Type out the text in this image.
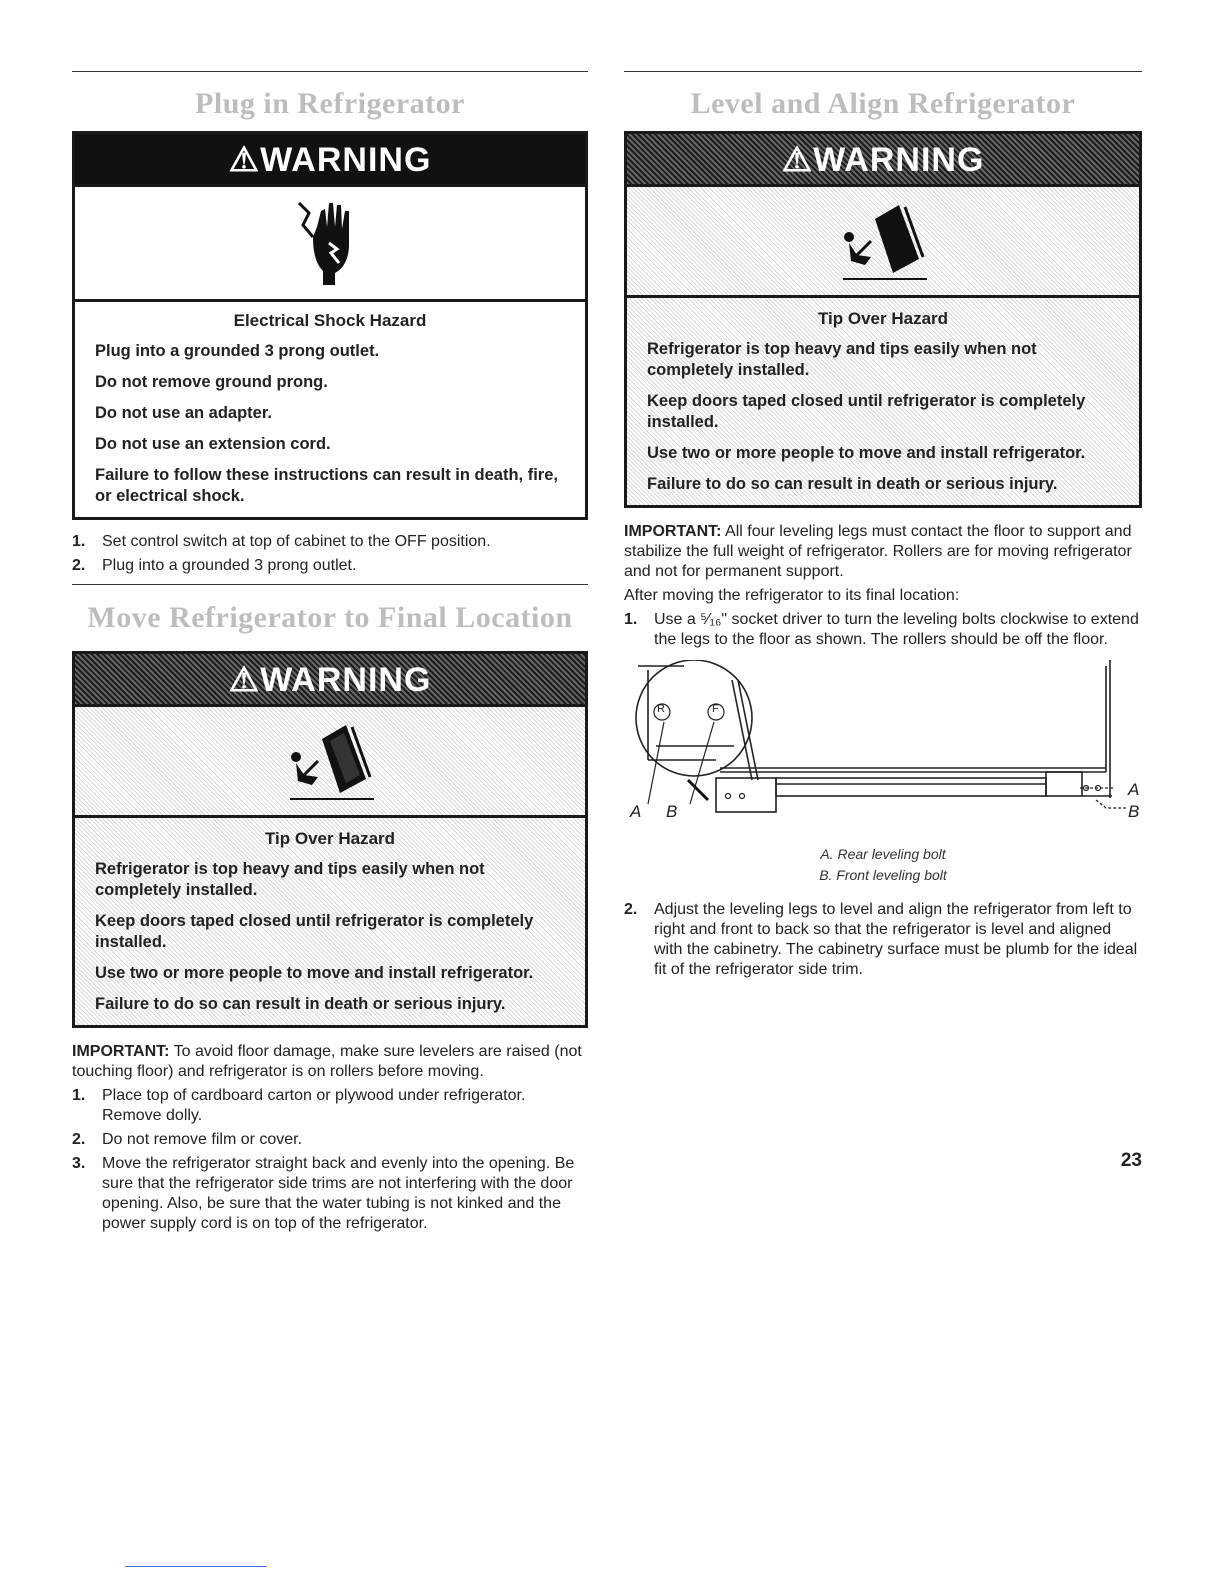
Plug in Refrigerator
⚠WARNING

Electrical Shock Hazard

Plug into a grounded 3 prong outlet.

Do not remove ground prong.

Do not use an adapter.

Do not use an extension cord.

Failure to follow these instructions can result in death, fire, or electrical shock.

1. Set control switch at top of cabinet to the OFF position.
2. Plug into a grounded 3 prong outlet.
Move Refrigerator to Final Location
⚠WARNING

Tip Over Hazard

Refrigerator is top heavy and tips easily when not completely installed.

Keep doors taped closed until refrigerator is completely installed.

Use two or more people to move and install refrigerator.

Failure to do so can result in death or serious injury.

IMPORTANT: To avoid floor damage, make sure levelers are raised (not touching floor) and refrigerator is on rollers before moving.

1. Place top of cardboard carton or plywood under refrigerator. Remove dolly.
2. Do not remove film or cover.
3. Move the refrigerator straight back and evenly into the opening. Be sure that the refrigerator side trims are not interfering with the door opening. Also, be sure that the water tubing is not kinked and the power supply cord is on top of the refrigerator.
Level and Align Refrigerator
⚠WARNING

Tip Over Hazard

Refrigerator is top heavy and tips easily when not completely installed.

Keep doors taped closed until refrigerator is completely installed.

Use two or more people to move and install refrigerator.

Failure to do so can result in death or serious injury.

IMPORTANT: All four leveling legs must contact the floor to support and stabilize the full weight of refrigerator. Rollers are for moving refrigerator and not for permanent support.

After moving the refrigerator to its final location:

1. Use a ⁵⁄₁₆" socket driver to turn the leveling bolts clockwise to extend the legs to the floor as shown. The rollers should be off the floor.
R	F
A B
A
B
A. Rear leveling bolt
B. Front leveling bolt
2. Adjust the leveling legs to level and align the refrigerator from left to right and front to back so that the refrigerator is level and aligned with the cabinetry. The cabinetry surface must be plumb for the ideal fit of the refrigerator side trim.
23
